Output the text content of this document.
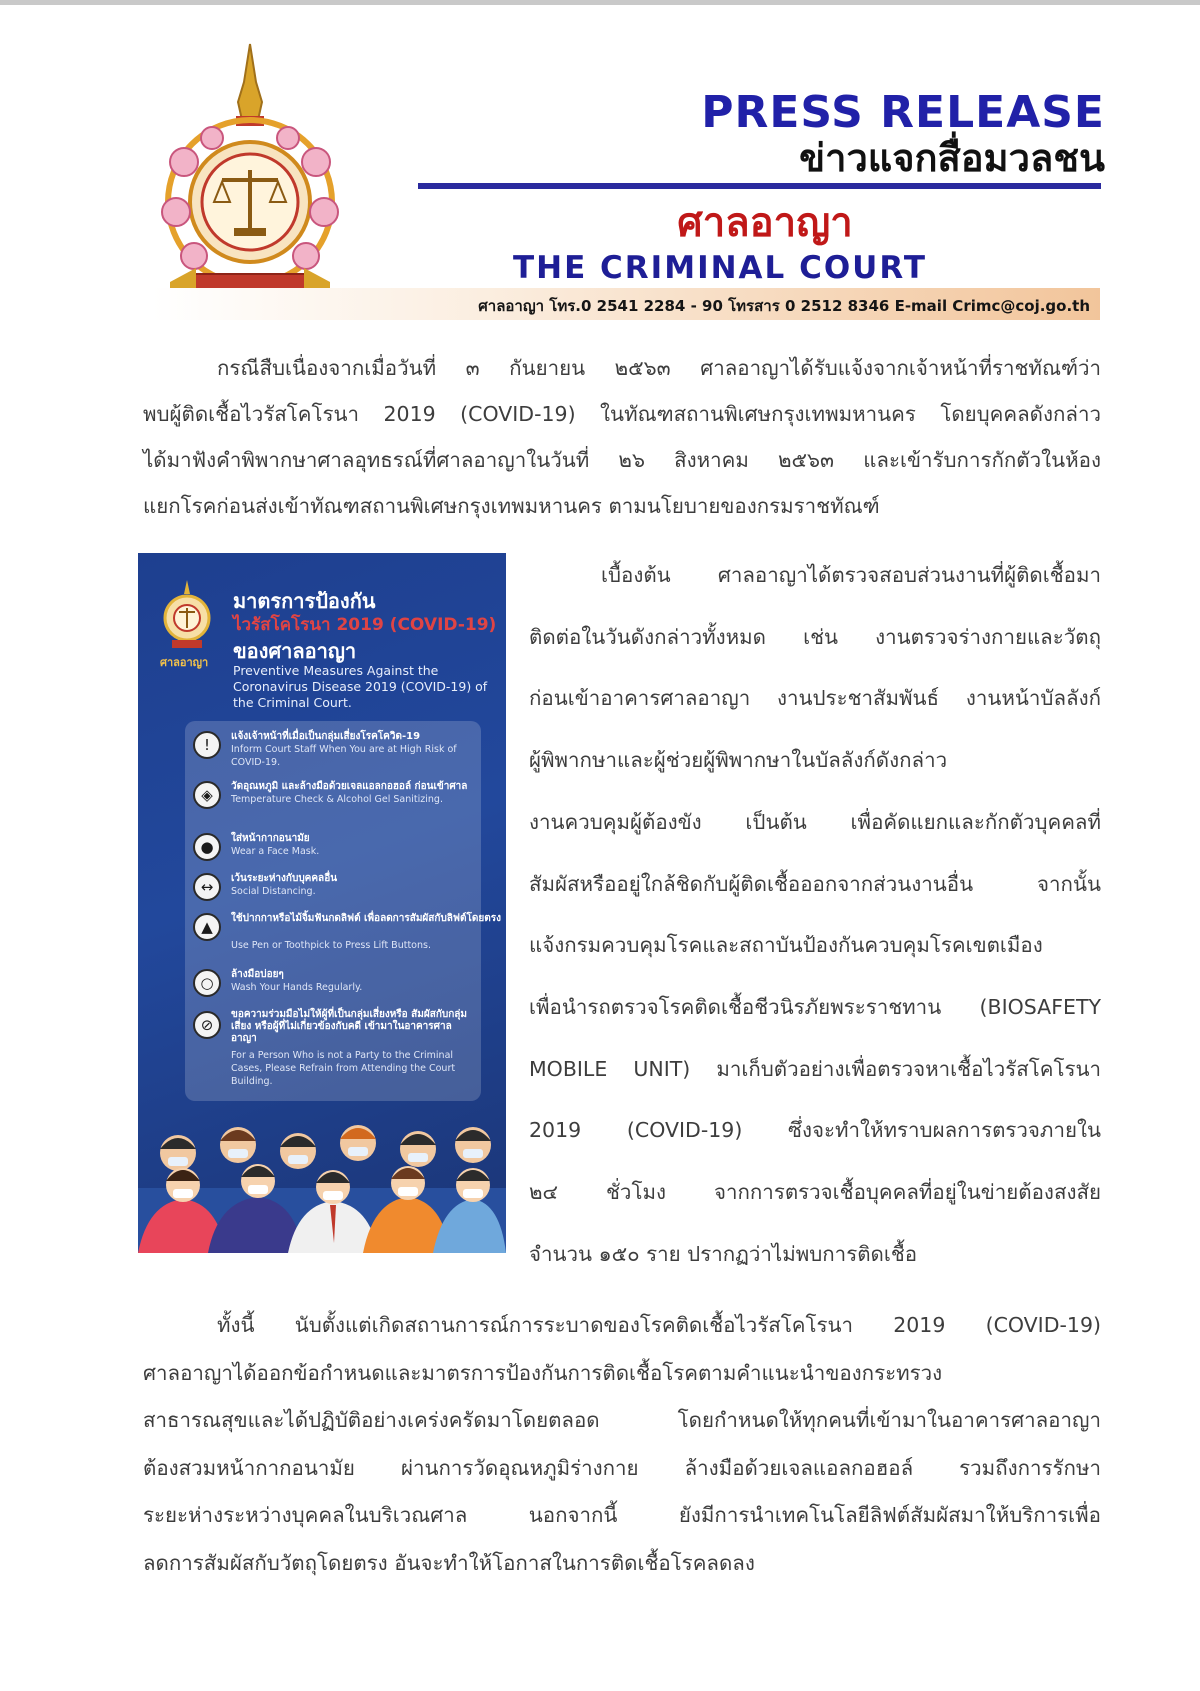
PRESS RELEASE
ข่าวแจกสื่อมวลชน
ศาลอาญา
THE CRIMINAL COURT
ศาลอาญา โทร.0 2541 2284 - 90 โทรสาร 0 2512 8346 E-mail Crimc@coj.go.th
กรณีสืบเนื่องจากเมื่อวันที่ ๓ กันยายน ๒๕๖๓ ศาลอาญาได้รับแจ้งจากเจ้าหน้าที่ราชทัณฑ์ว่า
พบผู้ติดเชื้อไวรัสโคโรนา 2019 (COVID-19) ในทัณฑสถานพิเศษกรุงเทพมหานคร โดยบุคคลดังกล่าว
ได้มาฟังคำพิพากษาศาลอุทธรณ์ที่ศาลอาญาในวันที่ ๒๖ สิงหาคม ๒๕๖๓ และเข้ารับการกักตัวในห้อง
แยกโรคก่อนส่งเข้าทัณฑสถานพิเศษกรุงเทพมหานคร ตามนโยบายของกรมราชทัณฑ์
ศาลอาญา
มาตรการป้องกัน
ไวรัสโคโรนา 2019 (COVID-19)
ของศาลอาญา
Preventive Measures Against the Coronavirus Disease 2019 (COVID-19) of the Criminal Court.
!	แจ้งเจ้าหน้าที่เมื่อเป็นกลุ่มเสี่ยงโรคโควิด-19
Inform Court Staff When You are at High Risk of COVID-19.
◈	วัดอุณหภูมิ และล้างมือด้วยเจลแอลกอฮอล์ ก่อนเข้าศาล
Temperature Check & Alcohol Gel Sanitizing.
●	ใส่หน้ากากอนามัย
Wear a Face Mask.
↔	เว้นระยะห่างกับบุคคลอื่น
Social Distancing.
▲	ใช้ปากกาหรือไม้จิ้มฟันกดลิฟต์ เพื่อลดการสัมผัสกับลิฟต์โดยตรง
Use Pen or Toothpick to Press Lift Buttons.
○	ล้างมือบ่อยๆ
Wash Your Hands Regularly.
⊘
ขอความร่วมมือไม่ให้ผู้ที่เป็นกลุ่มเสี่ยงหรือ สัมผัสกับกลุ่มเสี่ยง หรือผู้ที่ไม่เกี่ยวข้องกับคดี เข้ามาในอาคารศาลอาญา
For a Person Who is not a Party to the Criminal Cases, Please Refrain from Attending the Court Building.
เบื้องต้น ศาลอาญาได้ตรวจสอบส่วนงานที่ผู้ติดเชื้อมา
ติดต่อในวันดังกล่าวทั้งหมด เช่น งานตรวจร่างกายและวัตถุ
ก่อนเข้าอาคารศาลอาญา งานประชาสัมพันธ์ งานหน้าบัลลังก์
ผู้พิพากษาและผู้ช่วยผู้พิพากษาในบัลลังก์ดังกล่าว
งานควบคุมผู้ต้องขัง เป็นต้น เพื่อคัดแยกและกักตัวบุคคลที่
สัมผัสหรืออยู่ใกล้ชิดกับผู้ติดเชื้อออกจากส่วนงานอื่น จากนั้น
แจ้งกรมควบคุมโรคและสถาบันป้องกันควบคุมโรคเขตเมือง
เพื่อนำรถตรวจโรคติดเชื้อชีวนิรภัยพระราชทาน (BIOSAFETY
MOBILE UNIT) มาเก็บตัวอย่างเพื่อตรวจหาเชื้อไวรัสโคโรนา
2019 (COVID-19) ซึ่งจะทำให้ทราบผลการตรวจภายใน
๒๔ ชั่วโมง จากการตรวจเชื้อบุคคลที่อยู่ในข่ายต้องสงสัย
จำนวน ๑๕๐ ราย ปรากฏว่าไม่พบการติดเชื้อ
ทั้งนี้ นับตั้งแต่เกิดสถานการณ์การระบาดของโรคติดเชื้อไวรัสโคโรนา 2019 (COVID-19)
ศาลอาญาได้ออกข้อกำหนดและมาตรการป้องกันการติดเชื้อโรคตามคำแนะนำของกระทรวง
สาธารณสุขและได้ปฏิบัติอย่างเคร่งครัดมาโดยตลอด โดยกำหนดให้ทุกคนที่เข้ามาในอาคารศาลอาญา
ต้องสวมหน้ากากอนามัย ผ่านการวัดอุณหภูมิร่างกาย ล้างมือด้วยเจลแอลกอฮอล์ รวมถึงการรักษา
ระยะห่างระหว่างบุคคลในบริเวณศาล นอกจากนี้ ยังมีการนำเทคโนโลยีลิฟต์สัมผัสมาให้บริการเพื่อ
ลดการสัมผัสกับวัตถุโดยตรง อันจะทำให้โอกาสในการติดเชื้อโรคลดลง
